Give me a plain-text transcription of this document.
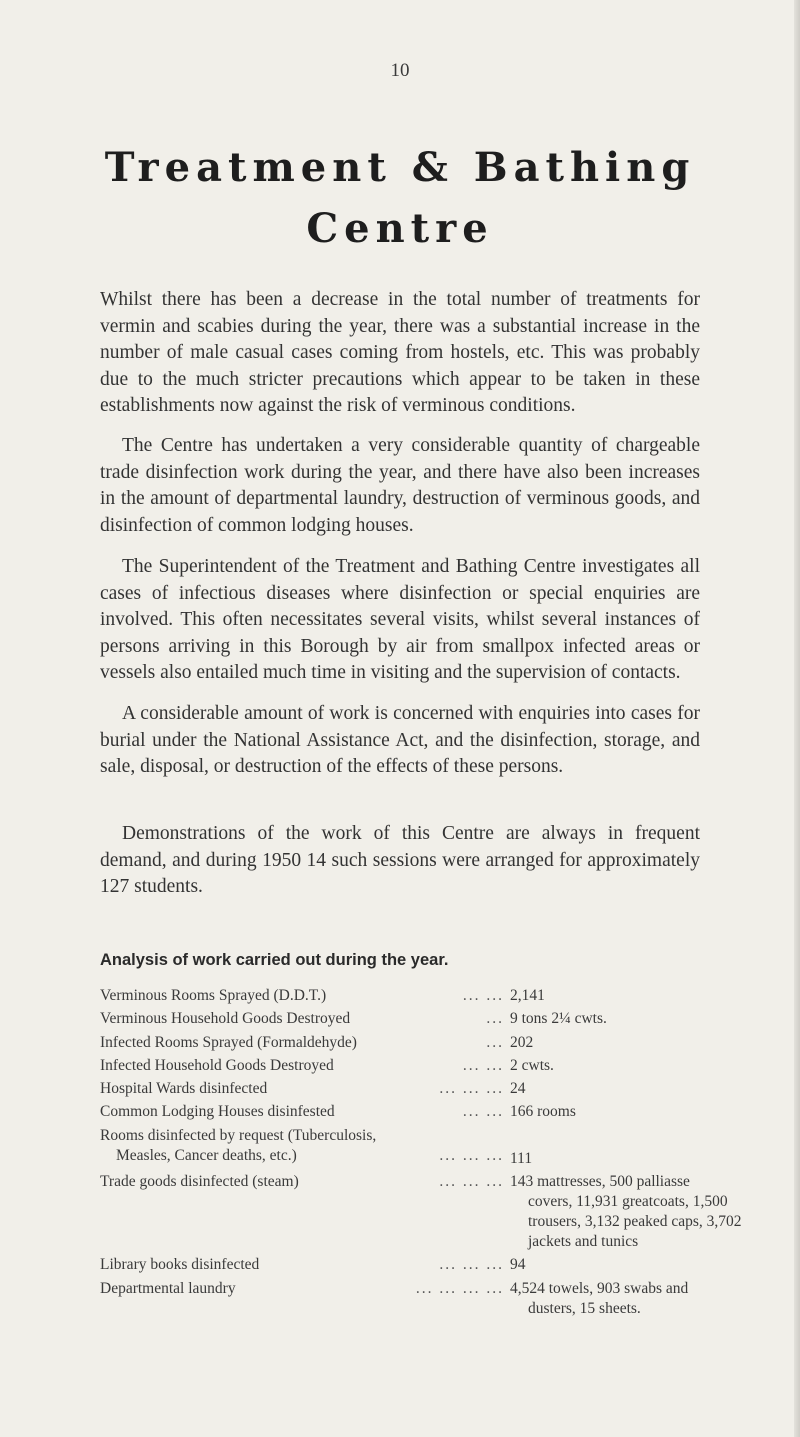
10
Treatment & Bathing
Centre

Whilst there has been a decrease in the total number of treatments for vermin and scabies during the year, there was a substantial increase in the number of male casual cases coming from hostels, etc. This was probably due to the much stricter precautions which appear to be taken in these establishments now against the risk of verminous conditions.

The Centre has undertaken a very considerable quantity of chargeable trade disinfection work during the year, and there have also been increases in the amount of departmental laundry, destruction of verminous goods, and disinfection of common lodging houses.

The Superintendent of the Treatment and Bathing Centre investigates all cases of infectious diseases where disinfection or special enquiries are involved. This often necessitates several visits, whilst several instances of persons arriving in this Borough by air from smallpox infected areas or vessels also entailed much time in visiting and the supervision of contacts.

A considerable amount of work is concerned with enquiries into cases for burial under the National Assistance Act, and the disinfection, storage, and sale, disposal, or destruction of the effects of these persons.

Demonstrations of the work of this Centre are always in frequent demand, and during 1950 14 such sessions were arranged for approximately 127 students.

Analysis of work carried out during the year.
Verminous Rooms Sprayed (D.D.T.)	... ... 2,141
Verminous Household Goods Destroyed	... 9 tons 2¼ cwts.
Infected Rooms Sprayed (Formaldehyde)	... 202
Infected Household Goods Destroyed	... ... 2 cwts.
Hospital Wards disinfected	... ... ... 24
Common Lodging Houses disinfested	... ... 166 rooms
Rooms disinfected by request (Tuberculosis,
Measles, Cancer deaths, etc.)	... ... ... 111
Trade goods disinfected (steam)	... ... ... 143 mattresses, 500 palliasse
covers, 11,931 greatcoats, 1,500 trousers, 3,132 peaked caps, 3,702 jackets and tunics
Library books disinfected	... ... ... 94
Departmental laundry	... ... ... ... 4,524 towels, 903 swabs and
dusters, 15 sheets.
